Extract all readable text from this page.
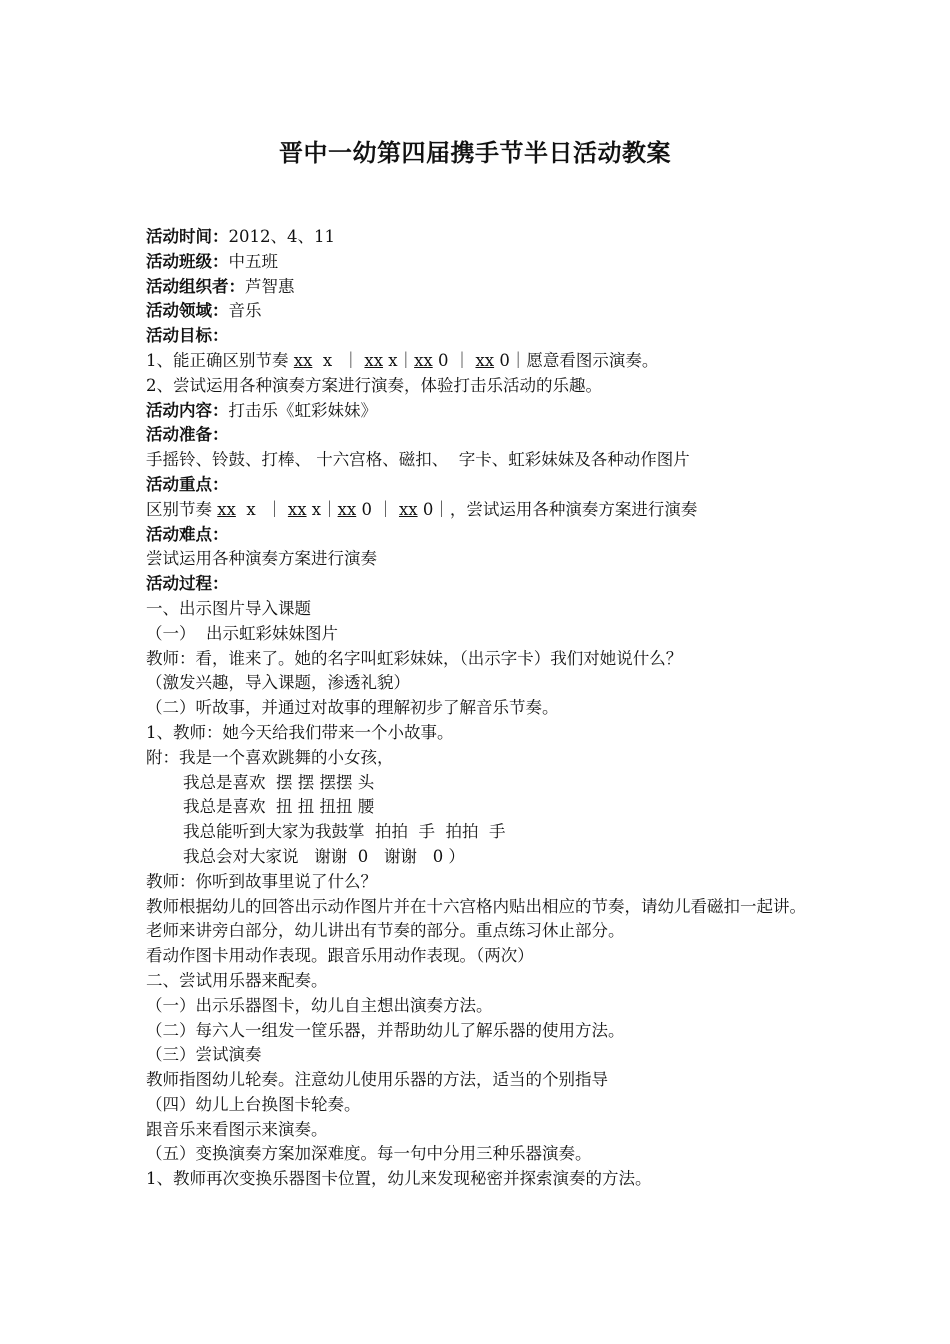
晋中一幼第四届携手节半日活动教案
活动时间：2012、4、11
活动班级：中五班
活动组织者：芦智惠
活动领域：音乐
活动目标：
1、能正确区别节奏 xx  x  ｜ xx x｜xx 0 ｜ xx 0｜愿意看图示演奏。
2、尝试运用各种演奏方案进行演奏，体验打击乐活动的乐趣。
活动内容：打击乐《虹彩妹妹》
活动准备：
手摇铃、铃鼓、打棒、 十六宫格、磁扣、  字卡、虹彩妹妹及各种动作图片
活动重点：
区别节奏 xx  x  ｜ xx x｜xx 0 ｜ xx 0｜，尝试运用各种演奏方案进行演奏
活动难点：
尝试运用各种演奏方案进行演奏
活动过程：
一、出示图片导入课题
（一）  出示虹彩妹妹图片
教师：看，谁来了。她的名字叫虹彩妹妹，（出示字卡）我们对她说什么？
（激发兴趣，导入课题，渗透礼貌）
（二）听故事，并通过对故事的理解初步了解音乐节奏。
1、教师：她今天给我们带来一个小故事。
附：我是一个喜欢跳舞的小女孩，
我总是喜欢  摆 摆 摆摆 头
我总是喜欢  扭 扭 扭扭 腰
我总能听到大家为我鼓掌  拍拍  手  拍拍  手
我总会对大家说   谢谢  0   谢谢   0 ）
教师：你听到故事里说了什么？
教师根据幼儿的回答出示动作图片并在十六宫格内贴出相应的节奏，请幼儿看磁扣一起讲。
老师来讲旁白部分，幼儿讲出有节奏的部分。重点练习休止部分。
看动作图卡用动作表现。跟音乐用动作表现。（两次）
二、尝试用乐器来配奏。
（一）出示乐器图卡，幼儿自主想出演奏方法。
（二）每六人一组发一筐乐器，并帮助幼儿了解乐器的使用方法。
（三）尝试演奏
教师指图幼儿轮奏。注意幼儿使用乐器的方法，适当的个别指导
（四）幼儿上台换图卡轮奏。
跟音乐来看图示来演奏。
（五）变换演奏方案加深难度。每一句中分用三种乐器演奏。
1、教师再次变换乐器图卡位置，幼儿来发现秘密并探索演奏的方法。
